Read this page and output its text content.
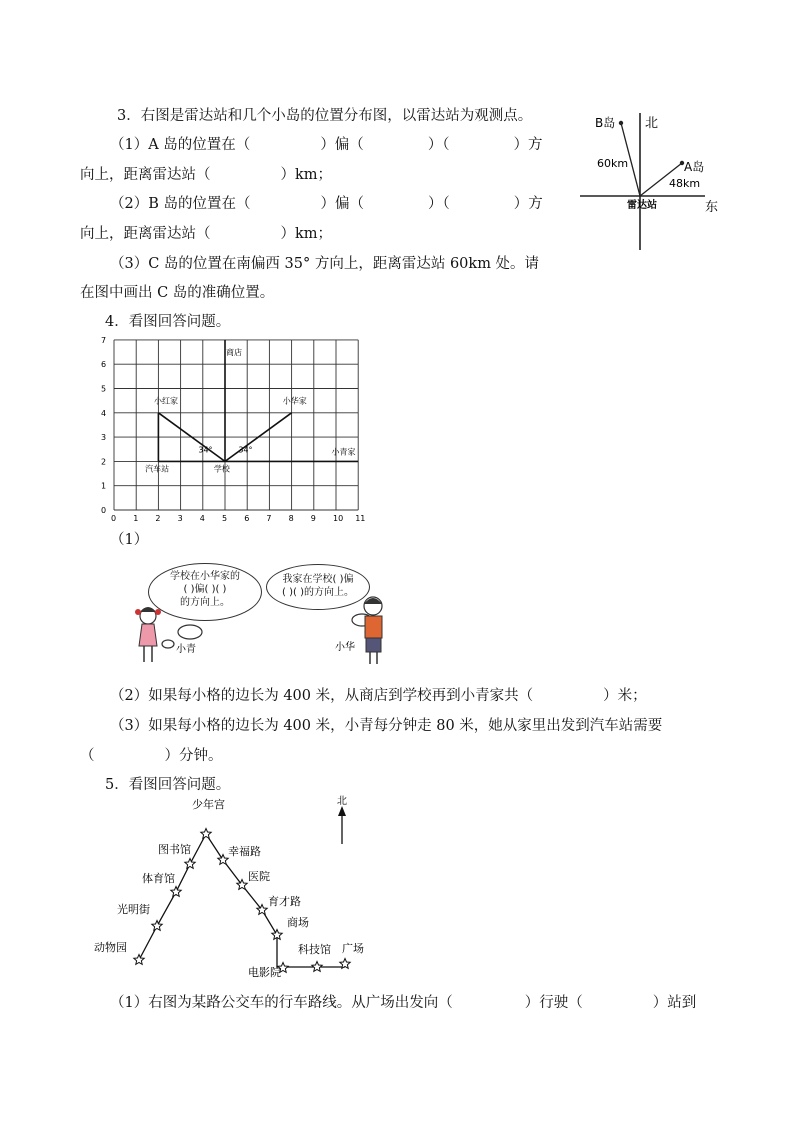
3．右图是雷达站和几个小岛的位置分布图，以雷达站为观测点。
（1）A 岛的位置在（	）偏（	）（	）方
向上，距离雷达站（	）km；
（2）B 岛的位置在（	）偏（	）（	）方
向上，距离雷达站（	）km；
（3）C 岛的位置在南偏西 35° 方向上，距离雷达站 60km 处。请
在图中画出 C 岛的准确位置。
B岛 北
A岛
60km
48km
雷达站	东
4．看图回答问题。
0 1 2 3 4 5 6 7 8 9 10 11
0
1
2
3
4
5
6
7
商店
小红家	小华家
小青家
汽车站	学校
34°	34°
（1）
学校在小华家的
( )偏( )( )
的方向上。
我家在学校( )偏
( )( )的方向上。
小青	小华
（2）如果每小格的边长为 400 米，从商店到学校再到小青家共（	）米；
（3）如果每小格的边长为 400 米，小青每分钟走 80 米，她从家里出发到汽车站需要
（	）分钟。
5．看图回答问题。
少年宫
图书馆	幸福路
体育馆	医院
育才路
商场
光明街
科技馆 广场
动物园
电影院
北
（1）右图为某路公交车的行车路线。从广场出发向（	）行驶（	）站到
